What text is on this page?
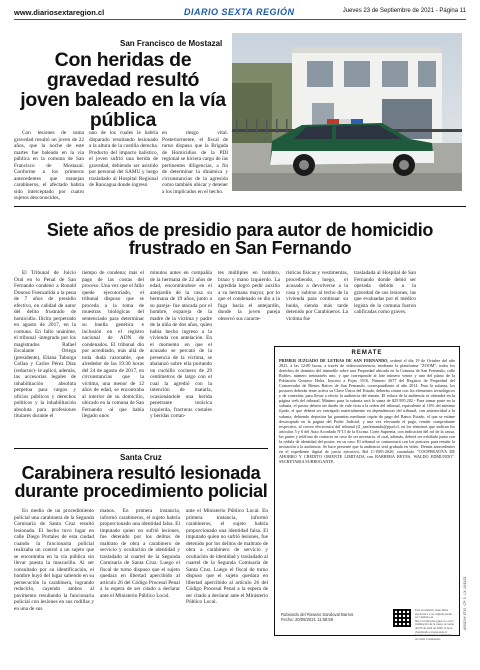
www.diariosextaregion.cl	DIARIO SEXTA REGIÓN	Jueves 23 de Septiembre de 2021 - Página 11
San Francisco de Mostazal
Con heridas de gravedad resultó joven baleado en la vía pública
Con lesiones de suma gravedad resultó un joven de 22 años, que la noche de este martes fue baleado en la vía pública en la comuna de San Francisco de Mostazal. Conforme a los primeros antecedentes que manejan carabineros, el afectado habría sido interceptado por cuatro sujetos desconocidos,
uno de los cuales le habría disparado resultando lesionado a la altura de la costilla derecha. Producto del impacto balístico, el joven sufrió una herida de gravedad, debiendo ser asistido por personal del SAMU y luego trasladado al Hospital Regional de Rancagua donde ingresó
en riesgo vital. Posteriormente, el fiscal de turno dispuso que la Brigada de Homicidios de la PDI regional se hiciera cargo de las pertinentes diligencias, a fin de determinar la dinámica y circunstancias de la agresión como también ubicar y detener a los implicados en el hecho.
Siete años de presidio para autor de homicidio frustrado en San Fernando
El Tribunal de Juicio Oral en lo Penal de San Fernando condenó a Ronald Donoso Fuenzalida a la pena de 7 años de presidio efectivo, en calidad de autor del delito frustrado de homicidio. Ilícito perpetrado en agosto de 2017, en la comuna. En fallo unánime, el tribunal -integrado por los magistrados Rafael Escalante Ortega (presidente), Eliana Taborga Collao y Carlos Pérez Díaz (redactor)- le aplicó, además, las accesorias legales de inhabilitación absoluta perpetua para cargos y oficios públicos y derechos políticos y la inhabilitación absoluta para profesiones titulares durante el
tiempo de condena; más el pago de las costas del proceso. Una vez que el fallo quede ejecutoriado, el tribunal dispuso que se proceda a la toma de muestras biológicas del sentenciado para determinar su huella genética e inclusión en el registro nacional de ADN de condenados. El tribunal dio por acreditado, más allá de toda duda razonable, que alrededor de las 19:30 horas del 24 de agosto de 2017, en circunstancias que la víctima, una menor de 12 años de edad, se encontraba al interior de su domicilio, ubicado en la comuna de San Fernando -al que había llegado unos
minutos antes en compañía de la hermana de 22 años de edad, encontrándose en el antejardín de la casa su hermana de 19 años, junto a su pareja- fue atacada por el hombre, expareja de la madre de la víctima y padre de la niña de dos años, quien había hecho ingreso a la vivienda con antelación. En el momento en que el acusado se percató de la presencia de la víctima, se abalanzó sobre ella portando un cuchillo cocinero de 29 centímetros de largo con el cual la agredió con la intención de matarla, ocasionándole una herida penetrante torácica izquierda, fracturas costales y heridas cortan-
tes múltiples en hombro, brazo y mano izquierdo. La agredida logró pedir auxilio a su hermana mayor, por lo que el condenado se dio a la fuga hacia el antejardín, donde la joven pareja observó sus caracte-
rísticas físicas y vestimentas, procediendo, luego, el acusado a devolverse a la casa y subirse al techo de la vivienda para continuar su huida, siendo más tarde detenido por Carabineros. La víctima fue
trasladada al Hospital de San Fernando donde debió ser operada debido a la gravedad de sus lesiones, las que evaluadas por el médico legista de la comuna fueron calificadas como graves.
REMATE
PRIMER JUZGADO DE LETRAS DE SAN FERNANDO, ordenó el día 19 de Octubre del año 2021, a las 12:00 horas, a través de videoconferencia, mediante la plataforma "ZOOM", todos los derechos de dominio del inmueble sobre una Propiedad ubicada en la Comuna de San Fernando, calle Robles, número treintaiséis uno, y que corresponde al lote número veinte y uno del plano de la Población Gustavo Holtz. Inscrito a Fojas 3516, Número 3677 del Registro de Propiedad del Conservador de Bienes Raíces de San Fernando, correspondiente al año 2014. Para la subasta, los postores deberán tener activa su Clave Única del Estado, deberán contar con los elementos tecnológicos y de conexión, para llevar a efecto la audiencia del remate. El enlace de la audiencia se obtendrá en la página web del tribunal. Mínimo para la subasta será la suma de $25.995.202.- Para tomar parte en la subasta, el postor deberá ser dueño de vale vista a la orden del tribunal, equivalente al 10% del mínimo fijado, el que deberá ser entregado materialmente en dependencias del tribunal, con anterioridad a la subasta, debiendo depositar las garantías mediante cupón de pago del Banco Estado, el que se estime desocupado en la pagina del Poder Judicial, y una vez efectuado el pago, remitir comprobante respectivo, al correo electrónico del tribunal jl1_sanfernando@pjud.cl, en los términos que indican los artículos 5 y 6 del Auto Acordado Nº13 de la Excma. Corte Suprema, con indicación del rol de la causa, las partes y teléfono de contacto en caso de ser necesario, el cual, además, deberá ser exhibido junto con la cédula de identidad del postor, en su caso. El tribunal se comunicará con los postores para remitir la invitación a la audiencia. Se hace presente que la audiencia será grabada en video. Demás antecedentes en el expediente digital de juicio ejecutivo, Rol C-1985-2020, caratulado "COOPERATIVA DE AHORRO Y CREDITO ORIENTE LIMITADA con BARRERA REYES, WALDO EDMUNDO". SECRETARIA SUBROGANTE.
Rubiondo del Rosario Sandoval Barros
Fecha: 20/09/2021 11:58:58
Este documento tiene firma electrónica y su original puede ser validado en http://verificadoc.pjud.cl o en la tramitación de la causa. A contar del 05 de abril de 2020, la hora visualizada corresponde al horario de invierno establecido en Chile Continental.
AVISO Nº 6713 · CP: 5 · LX: 19/11/21
Santa Cruz
Carabinera resultó lesionada durante procedimiento policial
En medio de un procedimiento policial una carabinera de la Segunda Comisaría de Santa Cruz resultó lesionada. El hecho tuvo lugar en calle Diego Portales de esta ciudad cuando la funcionaria policial realizaba un control a un sujeto que se encontraba en la vía pública sin llevar puesta la mascarilla. Al ser consultado por su identificación, el hombre huyó del lugar saliendo en su persecución la carabinera, logrando reducirlo, cayendo ambos al pavimento resultando la funcionaria policial con lesiones en sus rodillas y en una de sus
manos. En primera instancia, informó carabineros, el sujeto habría proporcionado una identidad falsa. El imputado quien no sufrió lesiones, fue detenido por los delitos de maltrato de obra a carabinero de servicio y ocultación de identidad y trasladado al cuartel de la Segunda Comisaría de Santa Cruz. Luego el fiscal de turno dispuso que el sujeto quedara en libertad apercibido al artículo 26 del Código Procesal Penal a la espera de ser citado a declarar ante el Ministerio Público Local.
ante el Ministerio Público Local. En primera instancia, informó carabineros, el sujeto habría proporcionado una identidad falsa. El imputado quien no sufrió lesiones, fue detenido por los delitos de maltrato de obra a carabinero de servicio y ocultación de identidad y trasladado al cuartel de la Segunda Comisaría de Santa Cruz. Luego el fiscal de turno dispuso que el sujeto quedara en libertad apercibido al artículo 26 del Código Procesal Penal a la espera de ser citado a declarar ante el Ministerio Público Local.
